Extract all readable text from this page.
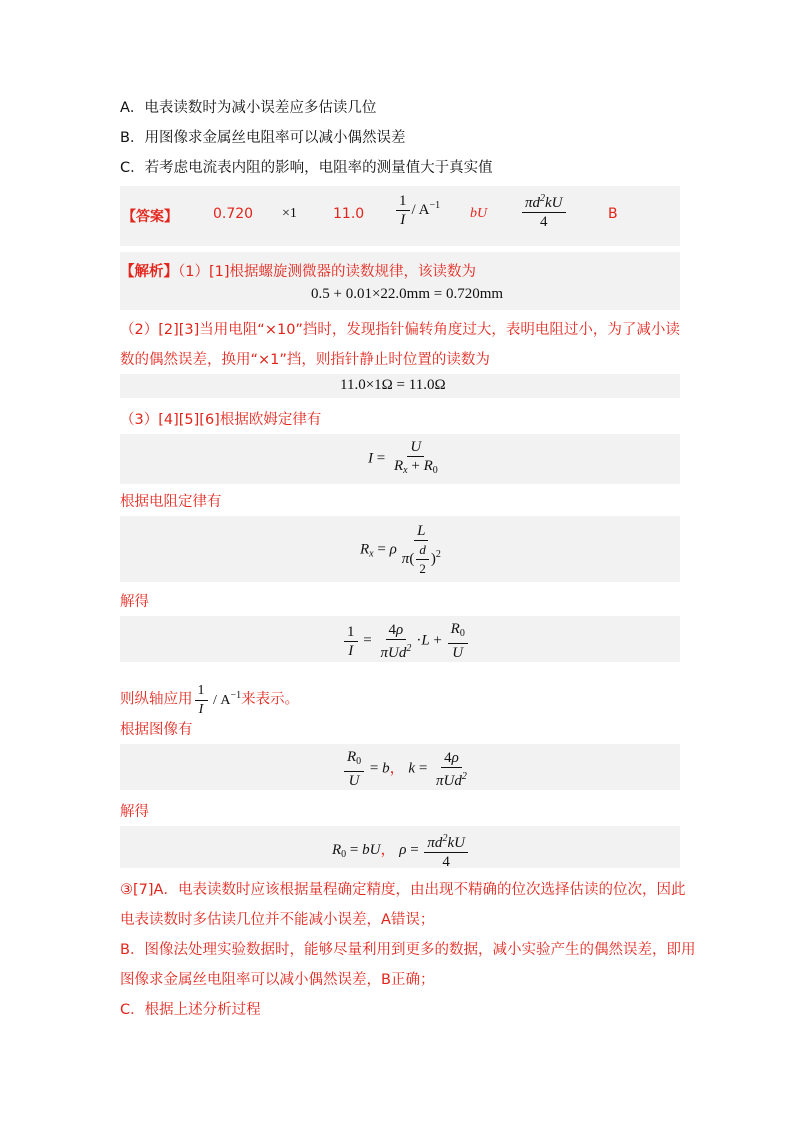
A．电表读数时为减小误差应多估读几位
B．用图像求金属丝电阻率可以减小偶然误差
C．若考虑电流表内阻的影响，电阻率的测量值大于真实值
【答案】	0.720 ×1	$11.0 \frac{1}{I} / A^{-1}$
bU $\frac{\pi d^2kU}{4}$	B
【解析】（1）[1]根据螺旋测微器的读数规律，该读数为
0.5 + 0.01×22.0mm = 0.720mm
（2）[2][3]当用电阻“×10”挡时，发现指针偏转角度过大，表明电阻过小，为了减小读
数的偶然误差，换用“×1”挡，则指针静止时位置的读数为
11.0×1Ω = 11.0Ω
（3）[4][5][6]根据欧姆定律有
$I = \frac{U}{R_x + R_0}$
根据电阻定律有
$R_x = \rho \frac{L}{\pi( \frac{d}{2} )^2}$
解得
$\frac{1}{I} = \frac{4\rho}{\pi Ud^2} \cdot L + \frac{R_0}{U}$
则纵轴应用 $\frac{1}{I} / A^{-1}$来表示。
根据图像有
$\frac{R_0}{U} = b$， $k = \frac{4\rho}{\pi Ud^2}$
解得
$R_0$ = bU， $\rho = \frac{\pi d^2kU}{4}$
③[7]A．电表读数时应该根据量程确定精度，由出现不精确的位次选择估读的位次，因此
电表读数时多估读几位并不能减小误差，A错误；
B．图像法处理实验数据时，能够尽量利用到更多的数据，减小实验产生的偶然误差，即用
图像求金属丝电阻率可以减小偶然误差，B正确；
C．根据上述分析过程
